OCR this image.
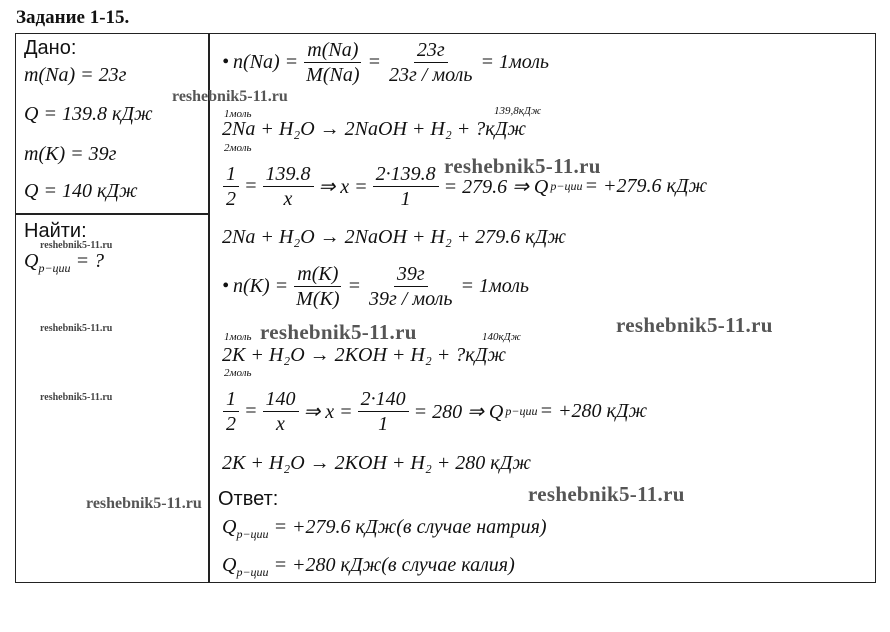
Задание 1-15.
Дано:
m(Na) = 23г
Q = 139.8 кДж
m(K) = 39г
Q = 140 кДж
Найти:
$Q_{р-ции}$ = ?
• $n(Na) = \frac{m(Na)}{M(Na)} = \frac{23г}{\text{23г / моль}}$ = 1моль
1моль	139,8кДж
2Na + H₂O → 2NaOH + H₂ + ?кДж
2моль
$\frac{1}{2} = \frac{139.8}{x}$ ⇒ $x = \frac{2\cdot 139.8}{1} = 279.6$ ⇒ Q р−ции = +279.6 кДж
2Na + H₂O → 2NaOH + H₂ + 279.6 кДж
• $n(K) = \frac{m(K)}{M(K)} = \frac{39г}{\text{39г / моль}}$ = 1моль
1моль	140кДж
2K + H₂O → 2KOH + H₂ + ?кДж
2моль
$\frac{1}{2} = \frac{140}{x}$ ⇒ $x = \frac{2\cdot 140}{1} = 280$ ⇒ Q р−ции = +280 кДж
2K + H₂O → 2KOH + H₂ + 280 кДж
Ответ:
$Q_{р-ции} = +279.6$ кДж(в случае натрия)
$Q_{р-ции} = +280$ кДж(в случае калия)
reshebnik5-11.ru
reshebnik5-11.ru
reshebnik5-11.ru
reshebnik5-11.ru	reshebnik5-11.ru	reshebnik5-11.ru
reshebnik5-11.ru
reshebnik5-11.ru	reshebnik5-11.ru
